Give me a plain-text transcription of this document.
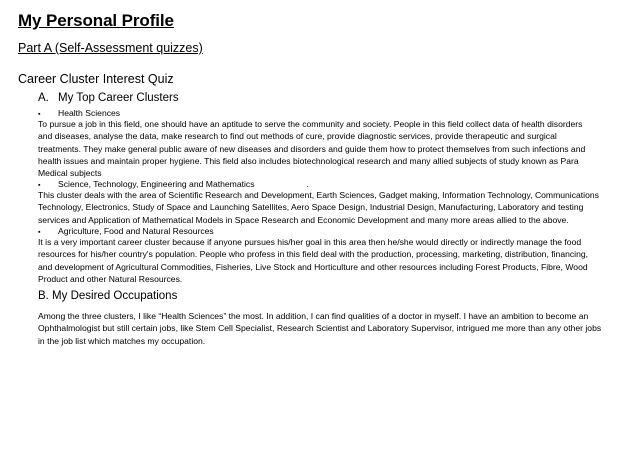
My Personal Profile
Part A (Self-Assessment quizzes)
Career Cluster Interest Quiz
A. My Top Career Clusters
▪ Health Sciences
To pursue a job in this field, one should have an aptitude to serve the community and society. People in this field collect data of health disorders
and diseases, analyse the data, make research to find out methods of cure, provide diagnostic services, provide therapeutic and surgical
treatments. They make general public aware of new diseases and disorders and guide them how to protect themselves from such infections and
health issues and maintain proper hygiene. This field also includes biotechnological research and many allied subjects of study known as Para
Medical subjects
▪ Science, Technology, Engineering and Mathematics	.
This cluster deals with the area of Scientific Research and Development, Earth Sciences, Gadget making, Information Technology, Communications
Technology, Electronics, Study of Space and Launching Satellites, Aero Space Design, Industrial Design, Manufacturing, Laboratory and testing
services and Application of Mathematical Models in Space Research and Economic Development and many more areas allied to the above.
▪ Agriculture, Food and Natural Resources
It is a very important career cluster because if anyone pursues his/her goal in this area then he/she would directly or indirectly manage the food
resources for his/her country's population. People who profess in this field deal with the production, processing, marketing, distribution, financing,
and development of Agricultural Commodities, Fisheries, Live Stock and Horticulture and other resources including Forest Products, Fibre, Wood
Product and other Natural Resources.
B. My Desired Occupations
Among the three clusters, I like “Health Sciences” the most. In addition, I can find qualities of a doctor in myself. I have an ambition to become an
Ophthalmologist but still certain jobs, like Stem Cell Specialist, Research Scientist and Laboratory Supervisor, intrigued me more than any other jobs
in the job list which matches my occupation.
